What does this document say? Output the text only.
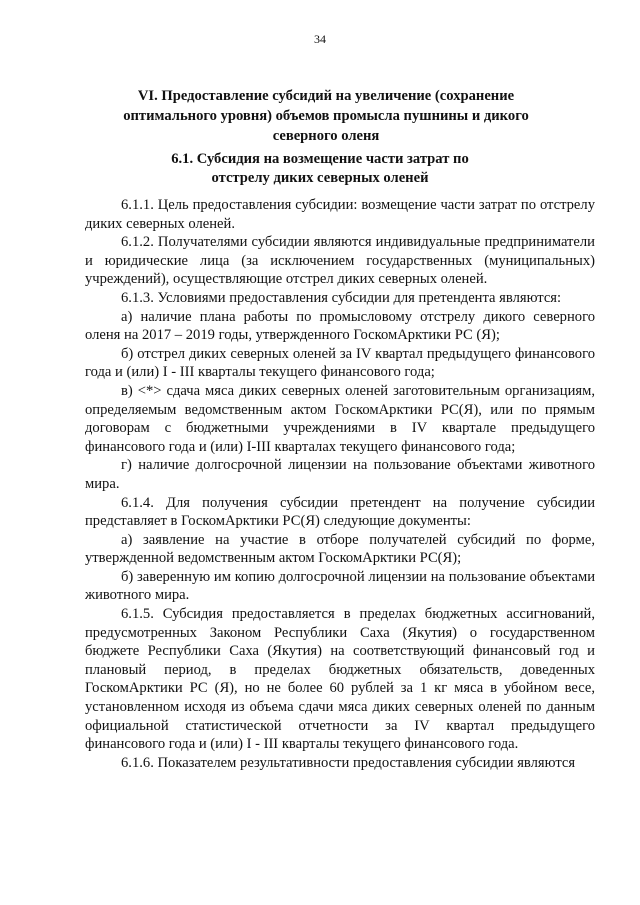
34
VI. Предоставление субсидий на увеличение (сохранение оптимального уровня) объемов промысла пушнины и дикого северного оленя
6.1. Субсидия на возмещение части затрат по отстрелу диких северных оленей

6.1.1. Цель предоставления субсидии: возмещение части затрат по отстрелу диких северных оленей.

6.1.2. Получателями субсидии являются индивидуальные предприниматели и юридические лица (за исключением государственных (муниципальных) учреждений), осуществляющие отстрел диких северных оленей.

6.1.3. Условиями предоставления субсидии для претендента являются:

а) наличие плана работы по промысловому отстрелу дикого северного оленя на 2017 – 2019 годы, утвержденного ГоскомАрктики РС (Я);

б) отстрел диких северных оленей за IV квартал предыдущего финансового года и (или) I - III кварталы текущего финансового года;

в) <*> сдача мяса диких северных оленей заготовительным организациям, определяемым ведомственным актом ГоскомАрктики РС(Я), или по прямым договорам с бюджетными учреждениями в IV квартале предыдущего финансового года и (или) I-III кварталах текущего финансового года;

г) наличие долгосрочной лицензии на пользование объектами животного мира.

6.1.4. Для получения субсидии претендент на получение субсидии представляет в ГоскомАрктики РС(Я) следующие документы:

а) заявление на участие в отборе получателей субсидий по форме, утвержденной ведомственным актом ГоскомАрктики РС(Я);

б) заверенную им копию долгосрочной лицензии на пользование объектами животного мира.

6.1.5. Субсидия предоставляется в пределах бюджетных ассигнований, предусмотренных Законом Республики Саха (Якутия) о государственном бюджете Республики Саха (Якутия) на соответствующий финансовый год и плановый период, в пределах бюджетных обязательств, доведенных ГоскомАрктики РС (Я), но не более 60 рублей за 1 кг мяса в убойном весе, установленном исходя из объема сдачи мяса диких северных оленей по данным официальной статистической отчетности за IV квартал предыдущего финансового года и (или) I - III кварталы текущего финансового года.

6.1.6. Показателем результативности предоставления субсидии являются
